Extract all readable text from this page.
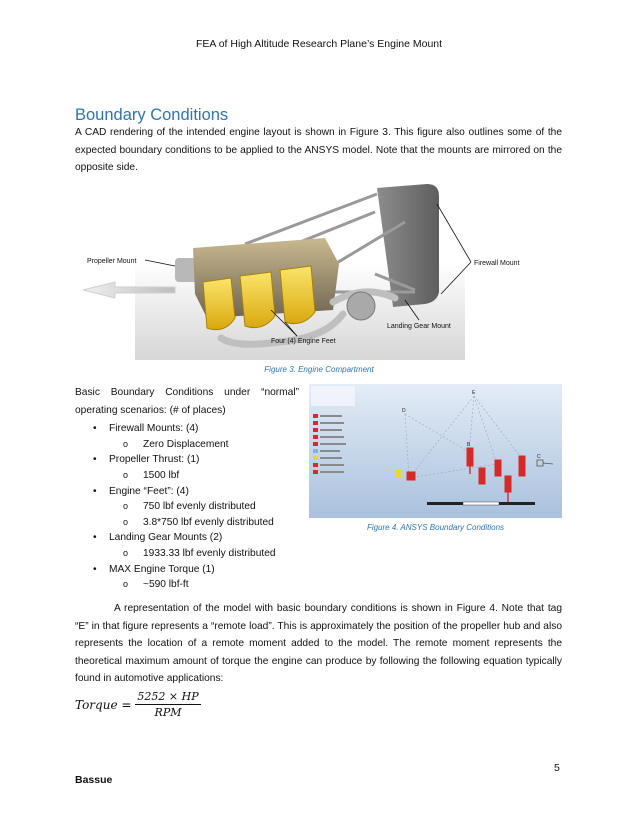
FEA of High Altitude Research Plane’s Engine Mount
Boundary Conditions
A CAD rendering of the intended engine layout is shown in Figure 3. This figure also outlines some of the expected boundary conditions to be applied to the ANSYS model. Note that the mounts are mirrored on the opposite side.
Propeller Mount	Firewall Mount
Landing Gear Mount
Four (4) Engine Feet
Figure 3. Engine Compartment
Basic Boundary Conditions under “normal” operating scenarios: (# of places)
• Firewall Mounts: (4)
o Zero Displacement
• Propeller Thrust: (1)
o 1500 lbf
• Engine “Feet”: (4)
o 750 lbf evenly distributed
o 3.8*750 lbf evenly distributed
• Landing Gear Mounts (2)
o 1933.33 lbf evenly distributed
• MAX Engine Torque (1)
o ~590 lbf-ft
E
D
B
C
Figure 4. ANSYS Boundary Conditions
A representation of the model with basic boundary conditions is shown in Figure 4. Note that tag “E” in that figure represents a “remote load”. This is approximately the position of the propeller hub and also represents the location of a remote moment added to the model. The remote moment represents the theoretical maximum amount of torque the engine can produce by following the following equation typically found in automotive applications:
Torque = $\frac{5252 \times HP}{\text{RPM}}$
5
Bassue
